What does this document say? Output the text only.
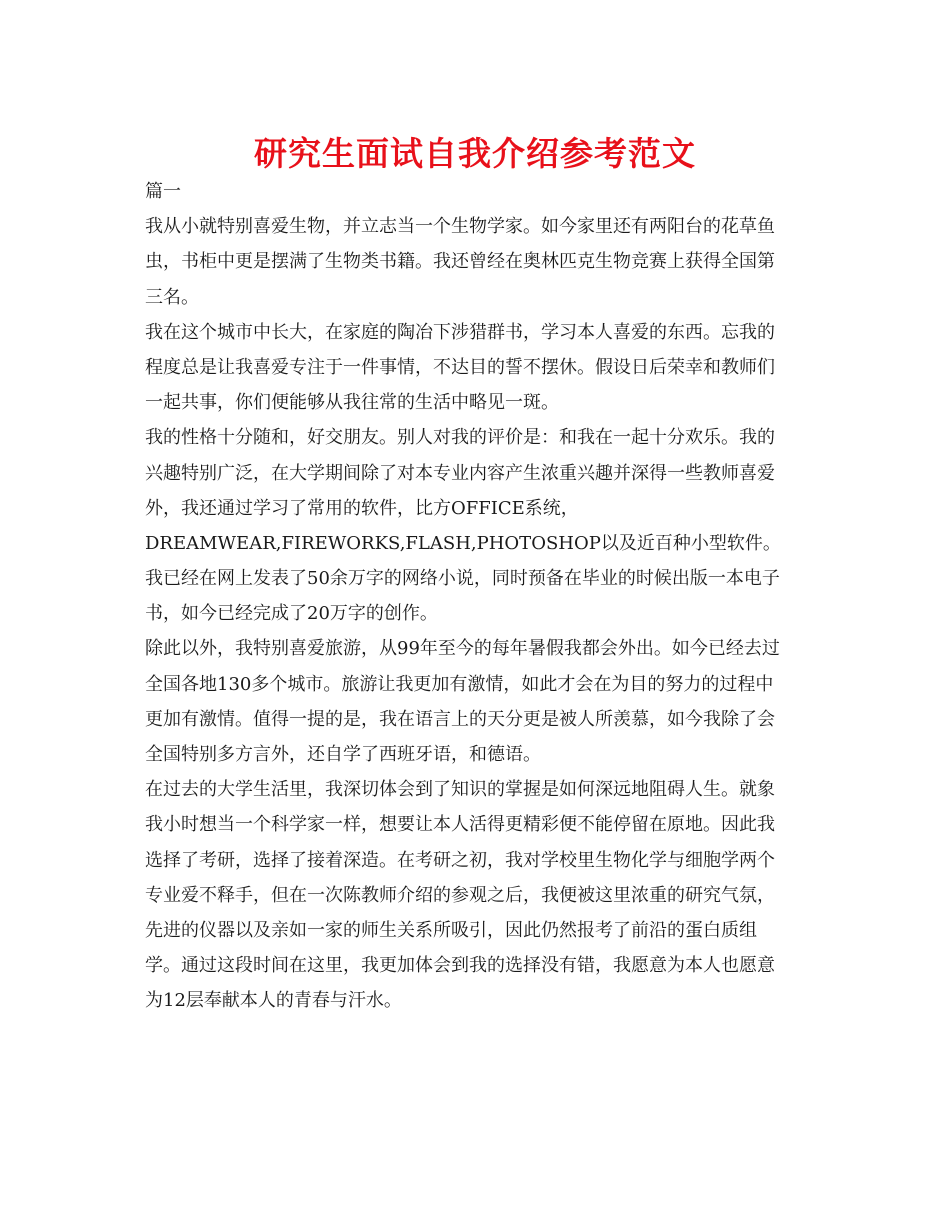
研究生面试自我介绍参考范文
篇一
我从小就特别喜爱生物，并立志当一个生物学家。如今家里还有两阳台的花草鱼
虫，书柜中更是摆满了生物类书籍。我还曾经在奥林匹克生物竞赛上获得全国第
三名。
我在这个城市中长大，在家庭的陶冶下涉猎群书，学习本人喜爱的东西。忘我的
程度总是让我喜爱专注于一件事情，不达目的誓不摆休。假设日后荣幸和教师们
一起共事，你们便能够从我往常的生活中略见一斑。
我的性格十分随和，好交朋友。别人对我的评价是：和我在一起十分欢乐。我的
兴趣特别广泛，在大学期间除了对本专业内容产生浓重兴趣并深得一些教师喜爱
外，我还通过学习了常用的软件，比方OFFICE系统，
DREAMWEAR,FIREWORKS,FLASH,PHOTOSHOP以及近百种小型软件。
我已经在网上发表了50余万字的网络小说，同时预备在毕业的时候出版一本电子
书，如今已经完成了20万字的创作。
除此以外，我特别喜爱旅游，从99年至今的每年暑假我都会外出。如今已经去过
全国各地130多个城市。旅游让我更加有激情，如此才会在为目的努力的过程中
更加有激情。值得一提的是，我在语言上的天分更是被人所羡慕，如今我除了会
全国特别多方言外，还自学了西班牙语，和德语。
在过去的大学生活里，我深切体会到了知识的掌握是如何深远地阻碍人生。就象
我小时想当一个科学家一样，想要让本人活得更精彩便不能停留在原地。因此我
选择了考研，选择了接着深造。在考研之初，我对学校里生物化学与细胞学两个
专业爱不释手，但在一次陈教师介绍的参观之后，我便被这里浓重的研究气氛，
先进的仪器以及亲如一家的师生关系所吸引，因此仍然报考了前沿的蛋白质组
学。通过这段时间在这里，我更加体会到我的选择没有错，我愿意为本人也愿意
为12层奉献本人的青春与汗水。
